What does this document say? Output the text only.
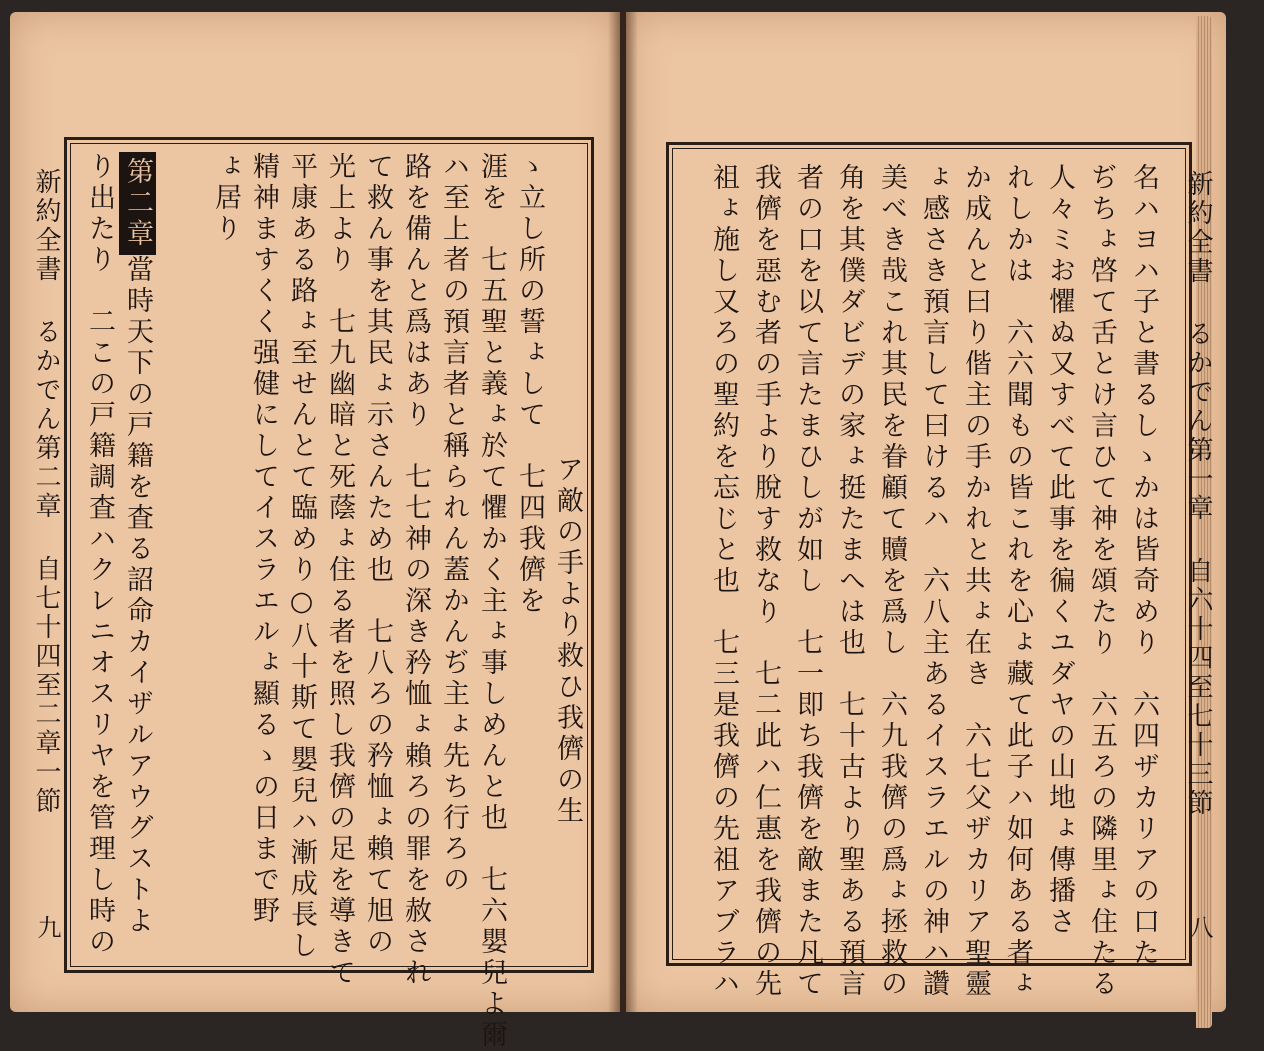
新約全書るかでん第二章自七十四至二章一節
九
ア敵の手より救ひ我儕の生
ゝ立し所の誓ょして　七四我儕を
涯を　七五聖と義ょ於て懼かく主ょ事しめんと也　七六嬰兒よ爾
ハ至上者の預言者と稱られん蓋かんぢ主ょ先ち行ろの
路を備んと爲はあり　七七神の深き矜恤ょ賴ろの罪を赦され
て救ん事を其民ょ示さんため也　七八ろの矜恤ょ賴て旭の
光上より　七九幽暗と死蔭ょ住る者を照し我儕の足を導きて
平康ある路ょ至せんとて臨めり○八十斯て嬰兒ハ漸成長し
精神ますくく强健にしてイスラエルょ顯るゝの日まで野
ょ居り
第二章當時天下の戸籍を査る詔命カイザルアウグストよ
り出たり　二この戸籍調査ハクレニオスリヤを管理し時の	名ハヨハ子と書るしゝかは皆奇めり　六四ザカリアの口た
ぢちょ啓て舌とけ言ひて神を頌たり　六五ろの隣里ょ住たる
人々ミお懼ぬ又すべて此事を徧くユダヤの山地ょ傳播さ
れしかは　六六聞もの皆これを心ょ藏て此子ハ如何ある者ょ
か成んと曰り偕主の手かれと共ょ在き　六七父ザカリア聖靈
ょ感さき預言して曰けるハ　六八主あるイスラエルの神ハ讚
美べき哉これ其民を眷顧て贖を爲し　六九我儕の爲ょ拯救の
角を其僕ダビデの家ょ挺たまへは也　七十古より聖ある預言
者の口を以て言たまひしが如し　七一即ち我儕を敵また凡て
我儕を惡む者の手より脫す救なり　七二此ハ仁惠を我儕の先
祖ょ施し又ろの聖約を忘じと也　七三是我儕の先祖アブラハ	新約全書るかでん第一章自六十四至七十三節
八
